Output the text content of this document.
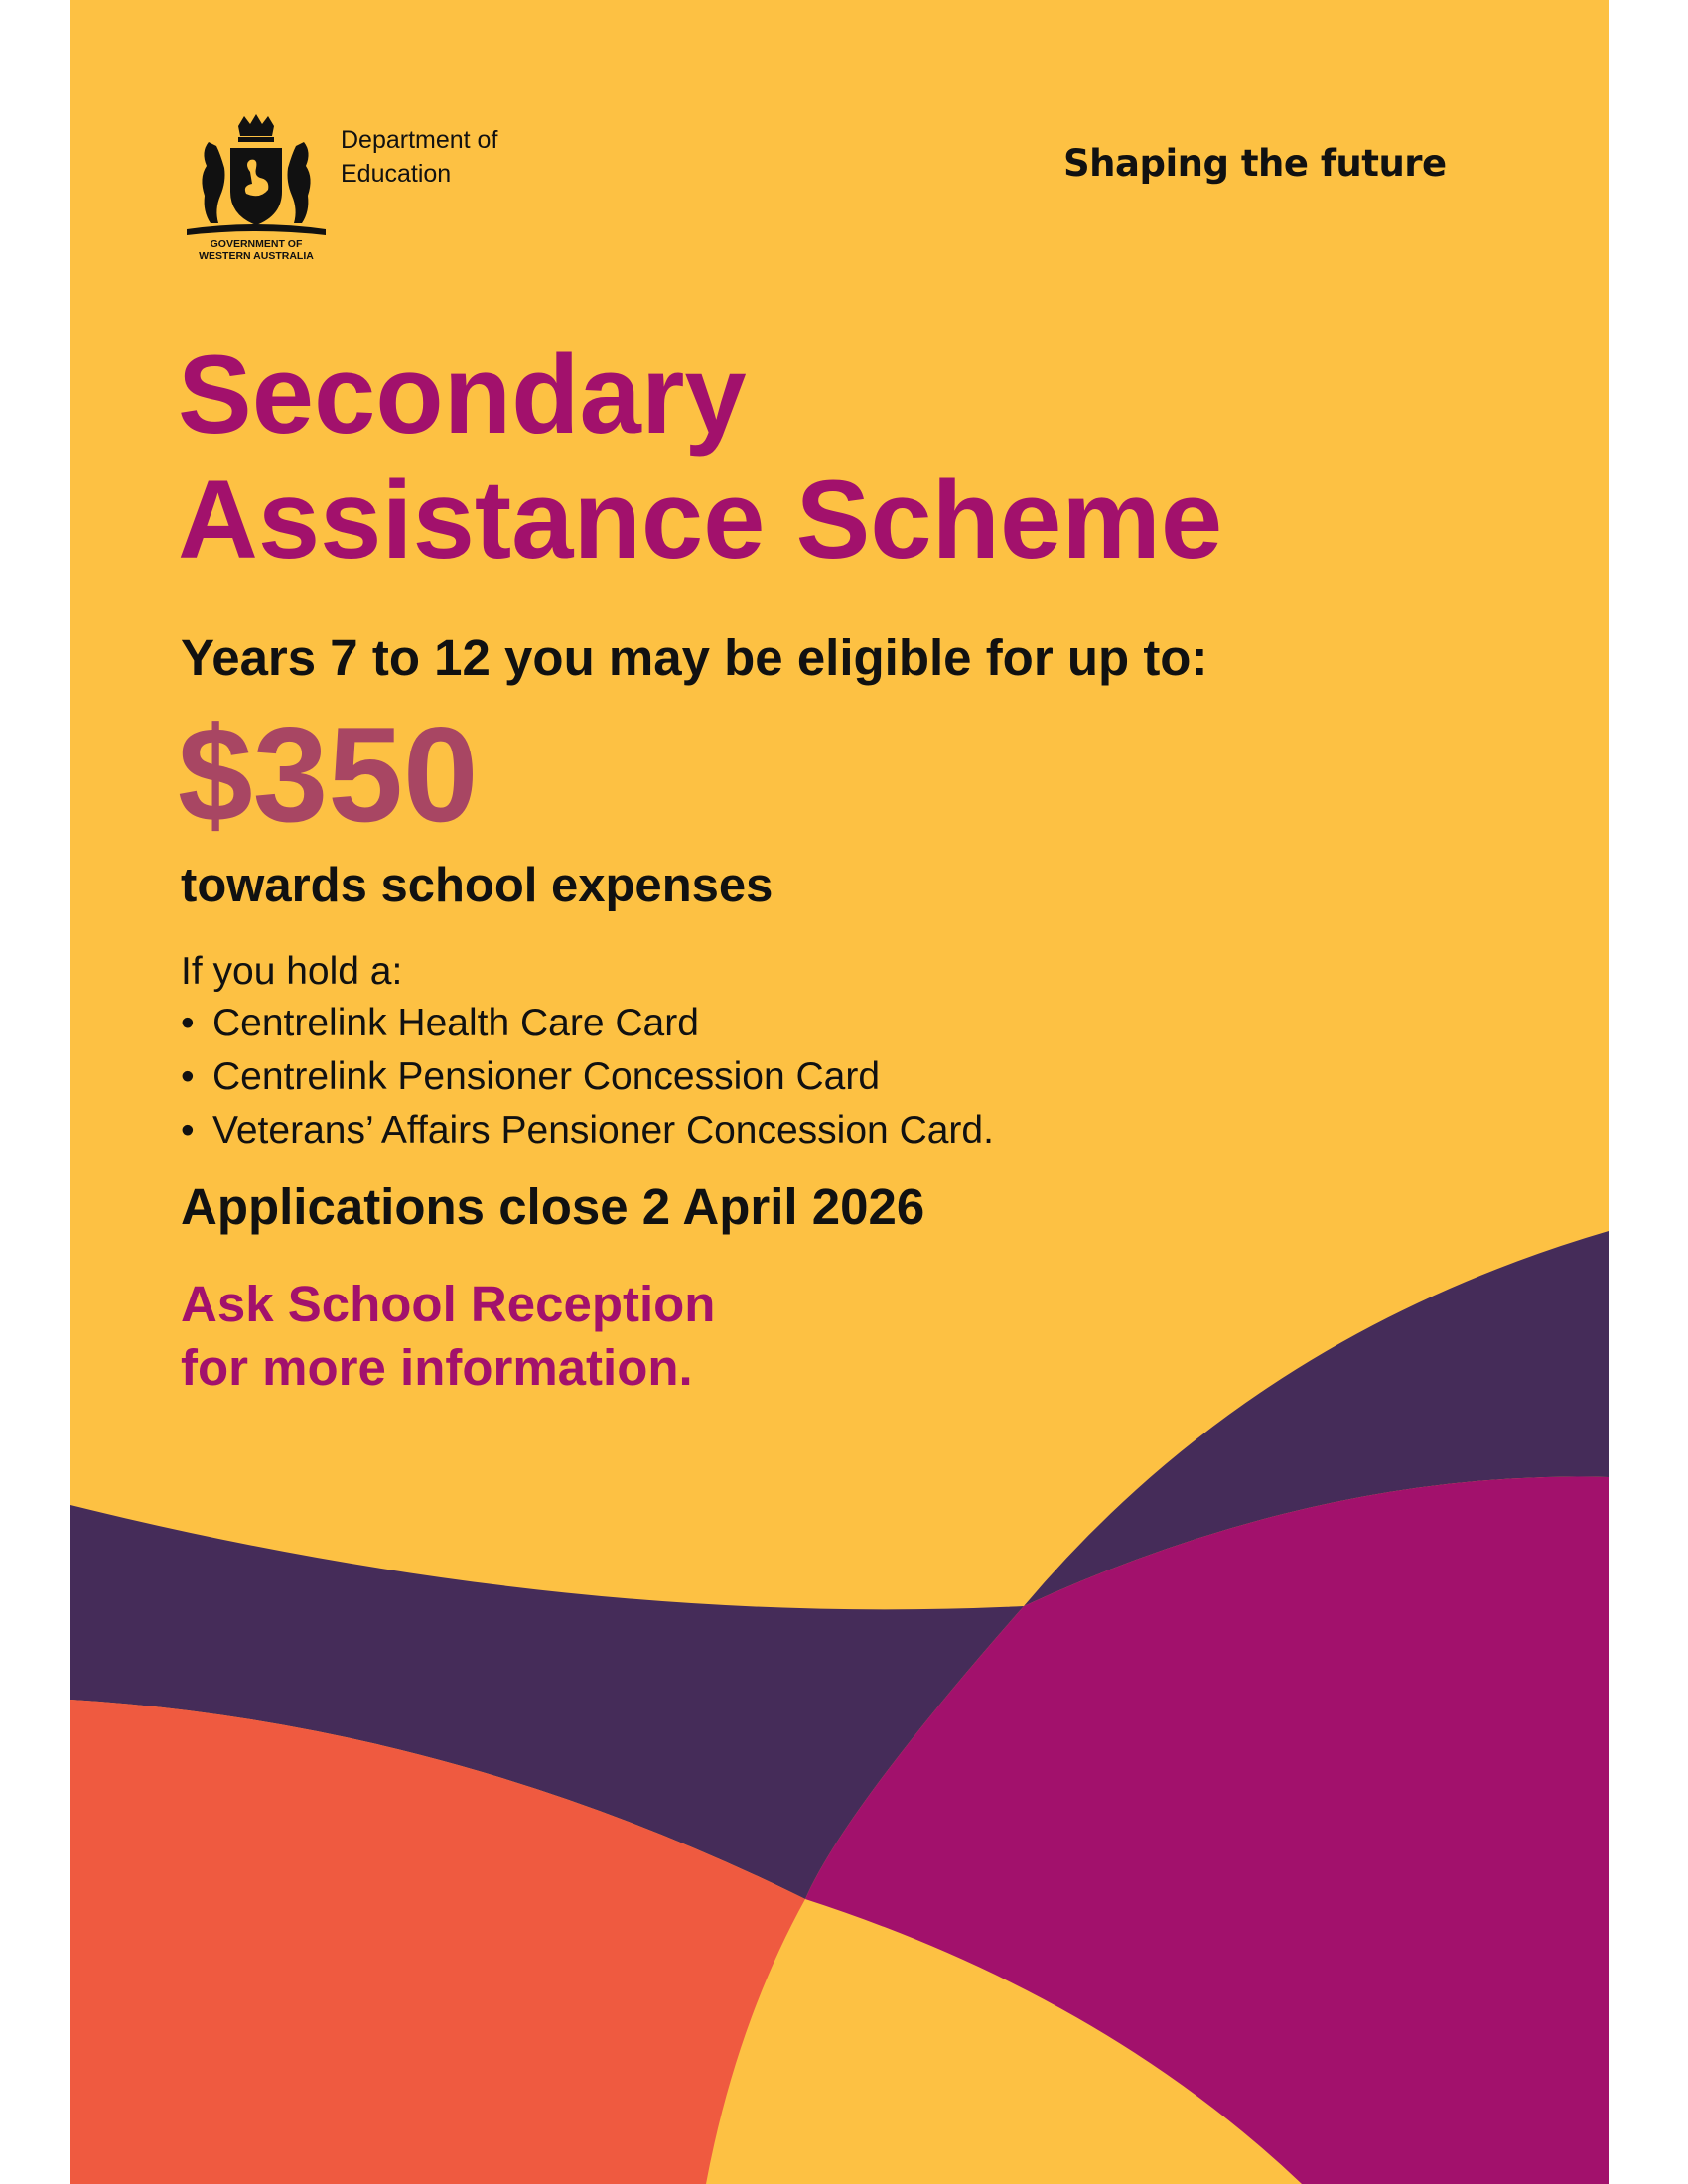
GOVERNMENT OF
WESTERN AUSTRALIA
Department of
Education	Shaping the future
Secondary
Assistance Scheme
Years 7 to 12 you may be eligible for up to:
$350
towards school expenses
If you hold a:
• Centrelink Health Care Card
• Centrelink Pensioner Concession Card
• Veterans’ Affairs Pensioner Concession Card.
Applications close 2 April 2026
Ask School Reception
for more information.
